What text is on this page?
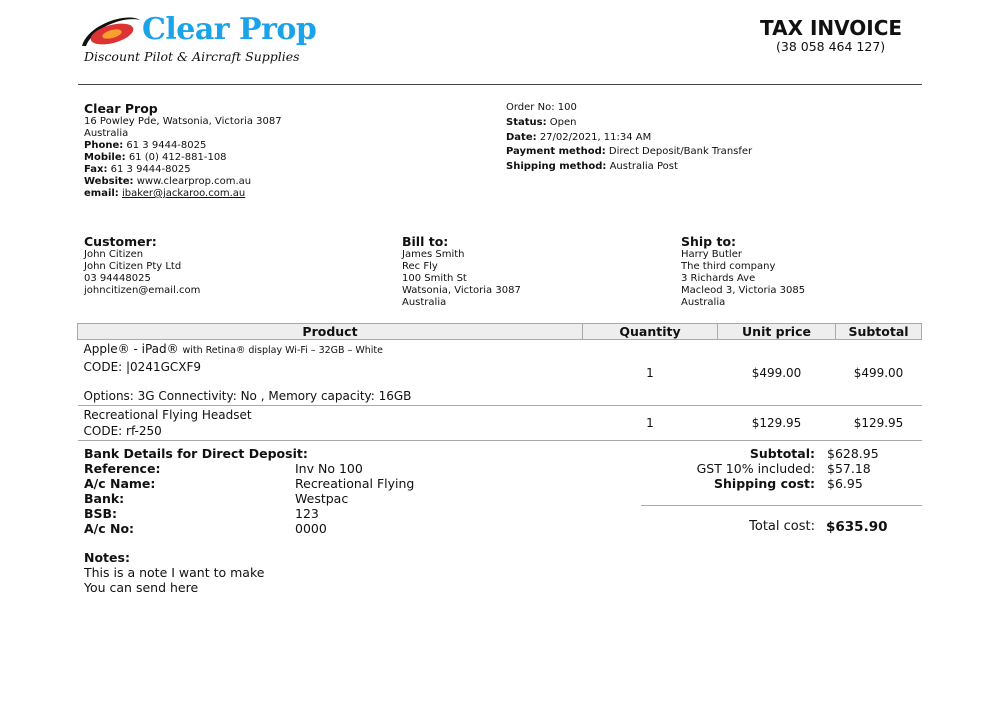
Clear Prop
Discount Pilot & Aircraft Supplies
TAX INVOICE
(38 058 464 127)
Clear Prop
16 Powley Pde, Watsonia, Victoria 3087
Australia
Phone: 61 3 9444-8025
Mobile: 61 (0) 412-881-108
Fax: 61 3 9444-8025
Website: www.clearprop.com.au
email: ibaker@jackaroo.com.au
Order No: 100
Status: Open
Date: 27/02/2021, 11:34 AM
Payment method: Direct Deposit/Bank Transfer
Shipping method: Australia Post
Customer:
John Citizen
John Citizen Pty Ltd
03 94448025
johncitizen@email.com
Bill to:
James Smith
Rec Fly
100 Smith St
Watsonia, Victoria 3087
Australia
Ship to:
Harry Butler
The third company
3 Richards Ave
Macleod 3, Victoria 3085
Australia
Product	Quantity	Unit price	Subtotal

Apple® - iPad® with Retina® display Wi-Fi – 32GB – White
CODE: |0241GCXF9
Options: 3G Connectivity: No , Memory capacity: 16GB	1	$499.00	$499.00

Recreational Flying Headset
CODE: rf-250	1	$129.95	$129.95
Bank Details for Direct Deposit:
Reference:	Inv No 100
A/c Name:	Recreational Flying
Bank:	Westpac
BSB:	123
A/c No:	0000
Subtotal:	$628.95
GST 10% included:	$57.18
Shipping cost:	$6.95
Total cost: $635.90
Notes:
This is a note I want to make
You can send here
